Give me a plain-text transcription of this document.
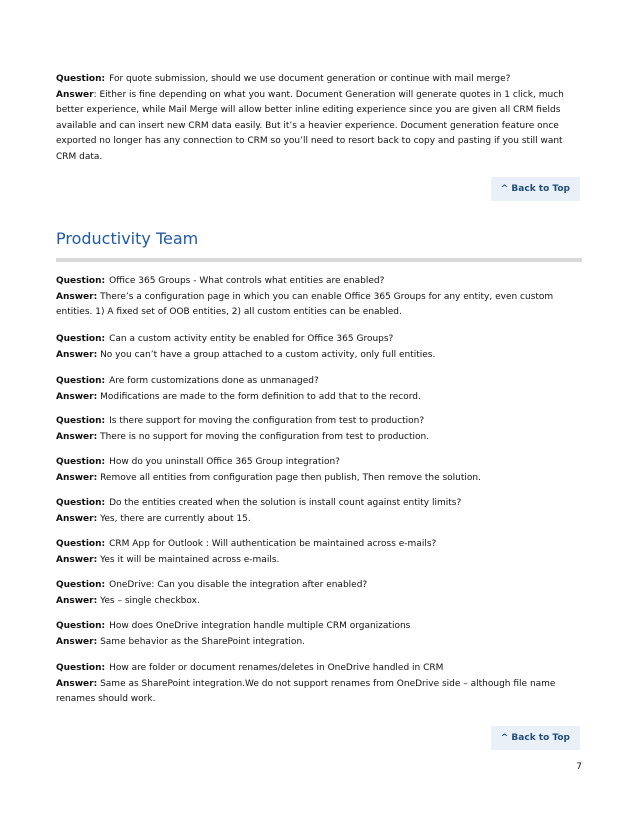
Question: For quote submission, should we use document generation or continue with mail merge?

Answer: Either is fine depending on what you want. Document Generation will generate quotes in 1 click, much better experience, while Mail Merge will allow better inline editing experience since you are given all CRM fields available and can insert new CRM data easily. But it’s a heavier experience. Document generation feature once exported no longer has any connection to CRM so you’ll need to resort back to copy and pasting if you still want CRM data.

^ Back to Top
Productivity Team

Question: Office 365 Groups - What controls what entities are enabled?

Answer: There’s a configuration page in which you can enable Office 365 Groups for any entity, even custom entities. 1) A fixed set of OOB entities, 2) all custom entities can be enabled.

Question: Can a custom activity entity be enabled for Office 365 Groups?

Answer: No you can’t have a group attached to a custom activity, only full entities.

Question: Are form customizations done as unmanaged?

Answer: Modifications are made to the form definition to add that to the record.

Question: Is there support for moving the configuration from test to production?

Answer: There is no support for moving the configuration from test to production.

Question: How do you uninstall Office 365 Group integration?

Answer: Remove all entities from configuration page then publish, Then remove the solution.

Question: Do the entities created when the solution is install count against entity limits?

Answer: Yes, there are currently about 15.

Question: CRM App for Outlook : Will authentication be maintained across e-mails?

Answer: Yes it will be maintained across e-mails.

Question: OneDrive: Can you disable the integration after enabled?

Answer: Yes – single checkbox.

Question: How does OneDrive integration handle multiple CRM organizations

Answer: Same behavior as the SharePoint integration.

Question: How are folder or document renames/deletes in OneDrive handled in CRM

Answer: Same as SharePoint integration.We do not support renames from OneDrive side – although file name renames should work.

^ Back to Top
7
